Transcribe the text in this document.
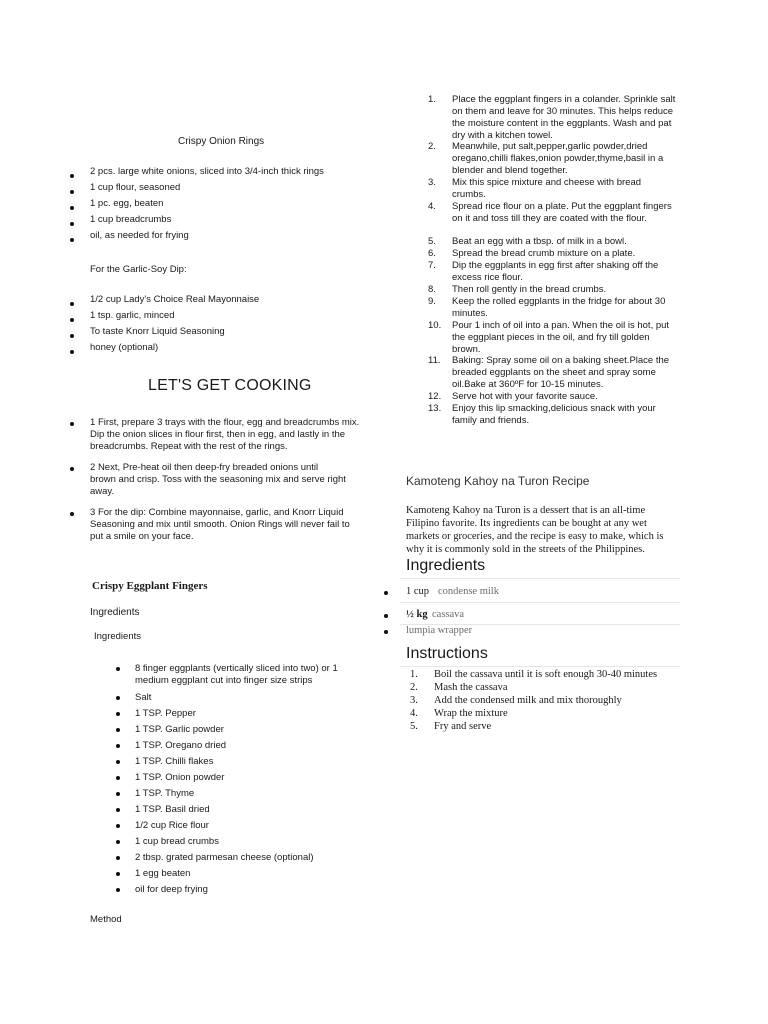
Crispy Onion Rings
2 pcs. large white onions, sliced into 3/4-inch thick rings
1 cup flour, seasoned
1 pc. egg, beaten
1 cup breadcrumbs
oil, as needed for frying
For the Garlic-Soy Dip:
1/2 cup Lady's Choice Real Mayonnaise
1 tsp. garlic, minced
To taste Knorr Liquid Seasoning
honey (optional)
LET'S GET COOKING
1 First, prepare 3 trays with the flour, egg and breadcrumbs mix. Dip the onion slices in flour first, then in egg, and lastly in the breadcrumbs. Repeat with the rest of the rings.
2 Next, Pre-heat oil then deep-fry breaded onions until brown and crisp. Toss with the seasoning mix and serve right away.
3 For the dip: Combine mayonnaise, garlic, and Knorr Liquid Seasoning and mix until smooth. Onion Rings will never fail to put a smile on your face.
Crispy Eggplant Fingers
Ingredients
Ingredients
8 finger eggplants (vertically sliced into two) or 1 medium eggplant cut into finger size strips
Salt
1 TSP. Pepper
1 TSP. Garlic powder
1 TSP. Oregano dried
1 TSP. Chilli flakes
1 TSP. Onion powder
1 TSP. Thyme
1 TSP. Basil dried
1/2 cup Rice flour
1 cup bread crumbs
2 tbsp. grated parmesan cheese (optional)
1 egg beaten
oil for deep frying
Method
1. Place the eggplant fingers in a colander. Sprinkle salt on them and leave for 30 minutes. This helps reduce the moisture content in the eggplants. Wash and pat dry with a kitchen towel.
2. Meanwhile, put salt,pepper,garlic powder,dried oregano,chilli flakes,onion powder,thyme,basil in a blender and blend together.
3. Mix this spice mixture and cheese with bread crumbs.
4. Spread rice flour on a plate. Put the eggplant fingers on it and toss till they are coated with the flour.
5. Beat an egg with a tbsp. of milk in a bowl.
6. Spread the bread crumb mixture on a plate.
7. Dip the eggplants in egg first after shaking off the excess rice flour.
8. Then roll gently in the bread crumbs.
9. Keep the rolled eggplants in the fridge for about 30 minutes.
10. Pour 1 inch of oil into a pan. When the oil is hot, put the eggplant pieces in the oil, and fry till golden brown.
11. Baking: Spray some oil on a baking sheet.Place the breaded eggplants on the sheet and spray some oil.Bake at 360ºF for 10-15 minutes.
12. Serve hot with your favorite sauce.
13. Enjoy this lip smacking,delicious snack with your family and friends.
Kamoteng Kahoy na Turon Recipe
Kamoteng Kahoy na Turon is a dessert that is an all-time Filipino favorite. Its ingredients can be bought at any wet markets or groceries, and the recipe is easy to make, which is why it is commonly sold in the streets of the Philippines.
Ingredients
1 cup condense milk
½ kg cassava
lumpia wrapper
Instructions
1. Boil the cassava until it is soft enough 30-40 minutes
2. Mash the cassava
3. Add the condensed milk and mix thoroughly
4. Wrap the mixture
5. Fry and serve
